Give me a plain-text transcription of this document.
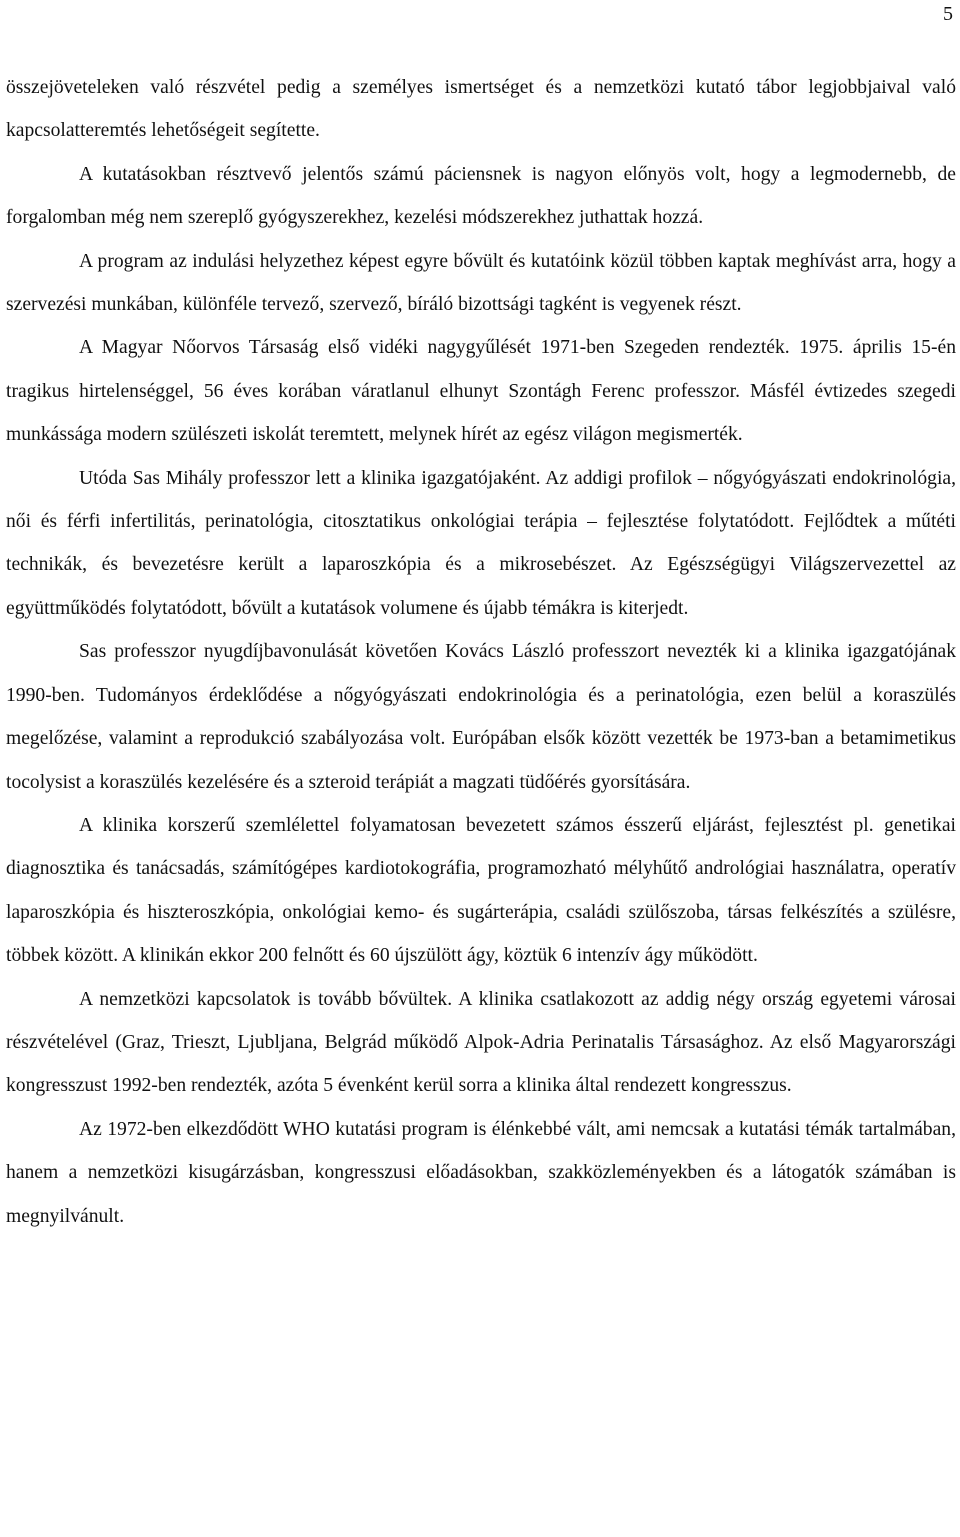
5

összejöveteleken való részvétel pedig a személyes ismertséget és a nemzetközi kutató tábor legjobbjaival való kapcsolatteremtés lehetőségeit segítette.

A kutatásokban résztvevő jelentős számú páciensnek is nagyon előnyös volt, hogy a legmodernebb, de forgalomban még nem szereplő gyógyszerekhez, kezelési módszerekhez juthattak hozzá.

A program az indulási helyzethez képest egyre bővült és kutatóink közül többen kaptak meghívást arra, hogy a szervezési munkában, különféle tervező, szervező, bíráló bizottsági tagként is vegyenek részt.

A Magyar Nőorvos Társaság első vidéki nagygyűlését 1971-ben Szegeden rendezték. 1975. április 15-én tragikus hirtelenséggel, 56 éves korában váratlanul elhunyt Szontágh Ferenc professzor. Másfél évtizedes szegedi munkássága modern szülészeti iskolát teremtett, melynek hírét az egész világon megismerték.

Utóda Sas Mihály professzor lett a klinika igazgatójaként. Az addigi profilok – nőgyógyászati endokrinológia, női és férfi infertilitás, perinatológia, citosztatikus onkológiai terápia – fejlesztése folytatódott. Fejlődtek a műtéti technikák, és bevezetésre került a laparoszkópia és a mikrosebészet. Az Egészségügyi Világszervezettel az együttműködés folytatódott, bővült a kutatások volumene és újabb témákra is kiterjedt.

Sas professzor nyugdíjbavonulását követően Kovács László professzort nevezték ki a klinika igazgatójának 1990-ben. Tudományos érdeklődése a nőgyógyászati endokrinológia és a perinatológia, ezen belül a koraszülés megelőzése, valamint a reprodukció szabályozása volt. Európában elsők között vezették be 1973-ban a betamimetikus tocolysist a koraszülés kezelésére és a szteroid terápiát a magzati tüdőérés gyorsítására.

A klinika korszerű szemlélettel folyamatosan bevezetett számos ésszerű eljárást, fejlesztést pl. genetikai diagnosztika és tanácsadás, számítógépes kardiotokográfia, programozható mélyhűtő andrológiai használatra, operatív laparoszkópia és hiszteroszkópia, onkológiai kemo- és sugárterápia, családi szülőszoba, társas felkészítés a szülésre, többek között. A klinikán ekkor 200 felnőtt és 60 újszülött ágy, köztük 6 intenzív ágy működött.

A nemzetközi kapcsolatok is tovább bővültek. A klinika csatlakozott az addig négy ország egyetemi városai részvételével (Graz, Trieszt, Ljubljana, Belgrád működő Alpok-Adria Perinatalis Társasághoz. Az első Magyarországi kongresszust 1992-ben rendezték, azóta 5 évenként kerül sorra a klinika által rendezett kongresszus.

Az 1972-ben elkezdődött WHO kutatási program is élénkebbé vált, ami nemcsak a kutatási témák tartalmában, hanem a nemzetközi kisugárzásban, kongresszusi előadásokban, szakközleményekben és a látogatók számában is megnyilvánult.
